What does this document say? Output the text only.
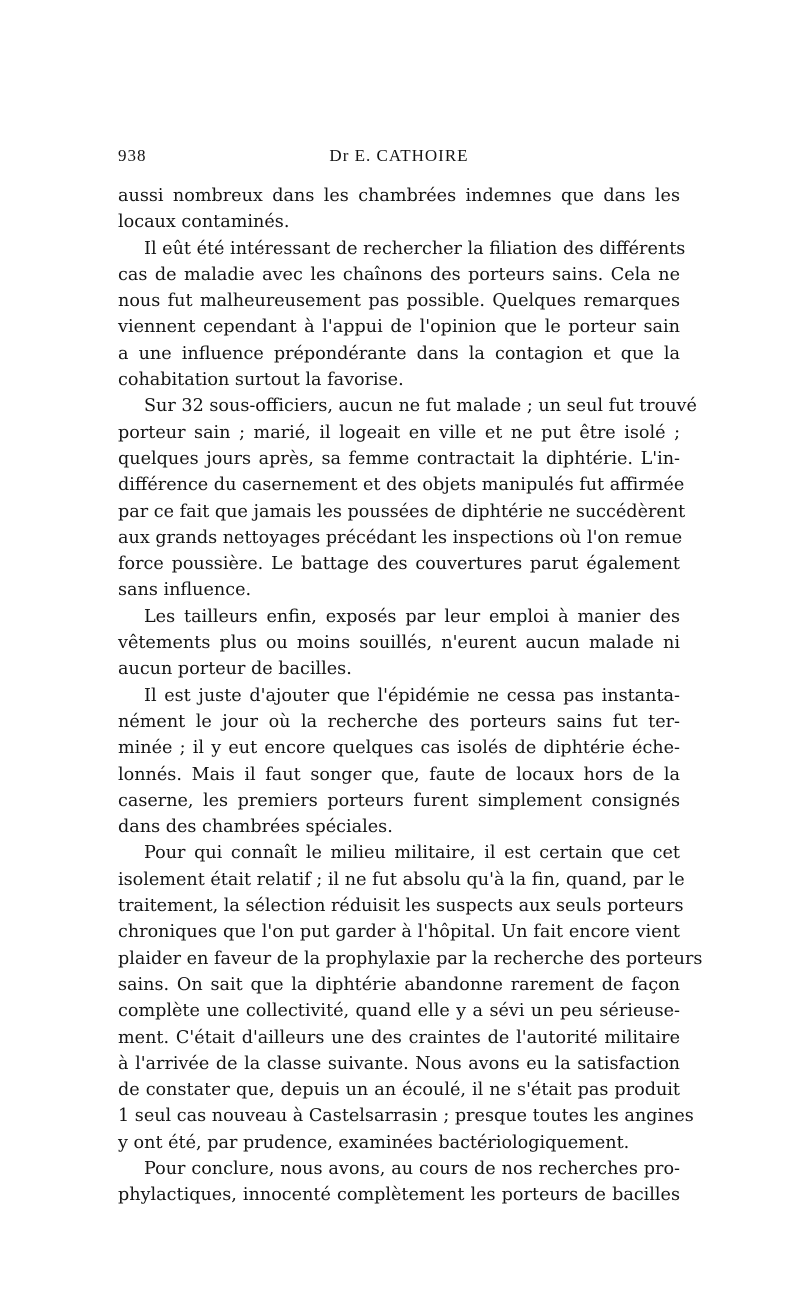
938	Dr E. CATHOIRE

aussi nombreux dans les chambrées indemnes que dans les
locaux contaminés.

Il eût été intéressant de rechercher la filiation des différents
cas de maladie avec les chaînons des porteurs sains. Cela ne
nous fut malheureusement pas possible. Quelques remarques
viennent cependant à l'appui de l'opinion que le porteur sain
a une influence prépondérante dans la contagion et que la
cohabitation surtout la favorise.

Sur 32 sous-officiers, aucun ne fut malade ; un seul fut trouvé
porteur sain ; marié, il logeait en ville et ne put être isolé ;
quelques jours après, sa femme contractait la diphtérie. L'in-
différence du casernement et des objets manipulés fut affirmée
par ce fait que jamais les poussées de diphtérie ne succédèrent
aux grands nettoyages précédant les inspections où l'on remue
force poussière. Le battage des couvertures parut également
sans influence.

Les tailleurs enfin, exposés par leur emploi à manier des
vêtements plus ou moins souillés, n'eurent aucun malade ni
aucun porteur de bacilles.

Il est juste d'ajouter que l'épidémie ne cessa pas instanta-
nément le jour où la recherche des porteurs sains fut ter-
minée ; il y eut encore quelques cas isolés de diphtérie éche-
lonnés. Mais il faut songer que, faute de locaux hors de la
caserne, les premiers porteurs furent simplement consignés
dans des chambrées spéciales.

Pour qui connaît le milieu militaire, il est certain que cet
isolement était relatif ; il ne fut absolu qu'à la fin, quand, par le
traitement, la sélection réduisit les suspects aux seuls porteurs
chroniques que l'on put garder à l'hôpital. Un fait encore vient
plaider en faveur de la prophylaxie par la recherche des porteurs
sains. On sait que la diphtérie abandonne rarement de façon
complète une collectivité, quand elle y a sévi un peu sérieuse-
ment. C'était d'ailleurs une des craintes de l'autorité militaire
à l'arrivée de la classe suivante. Nous avons eu la satisfaction
de constater que, depuis un an écoulé, il ne s'était pas produit
1 seul cas nouveau à Castelsarrasin ; presque toutes les angines
y ont été, par prudence, examinées bactériologiquement.

Pour conclure, nous avons, au cours de nos recherches pro-
phylactiques, innocenté complètement les porteurs de bacilles
